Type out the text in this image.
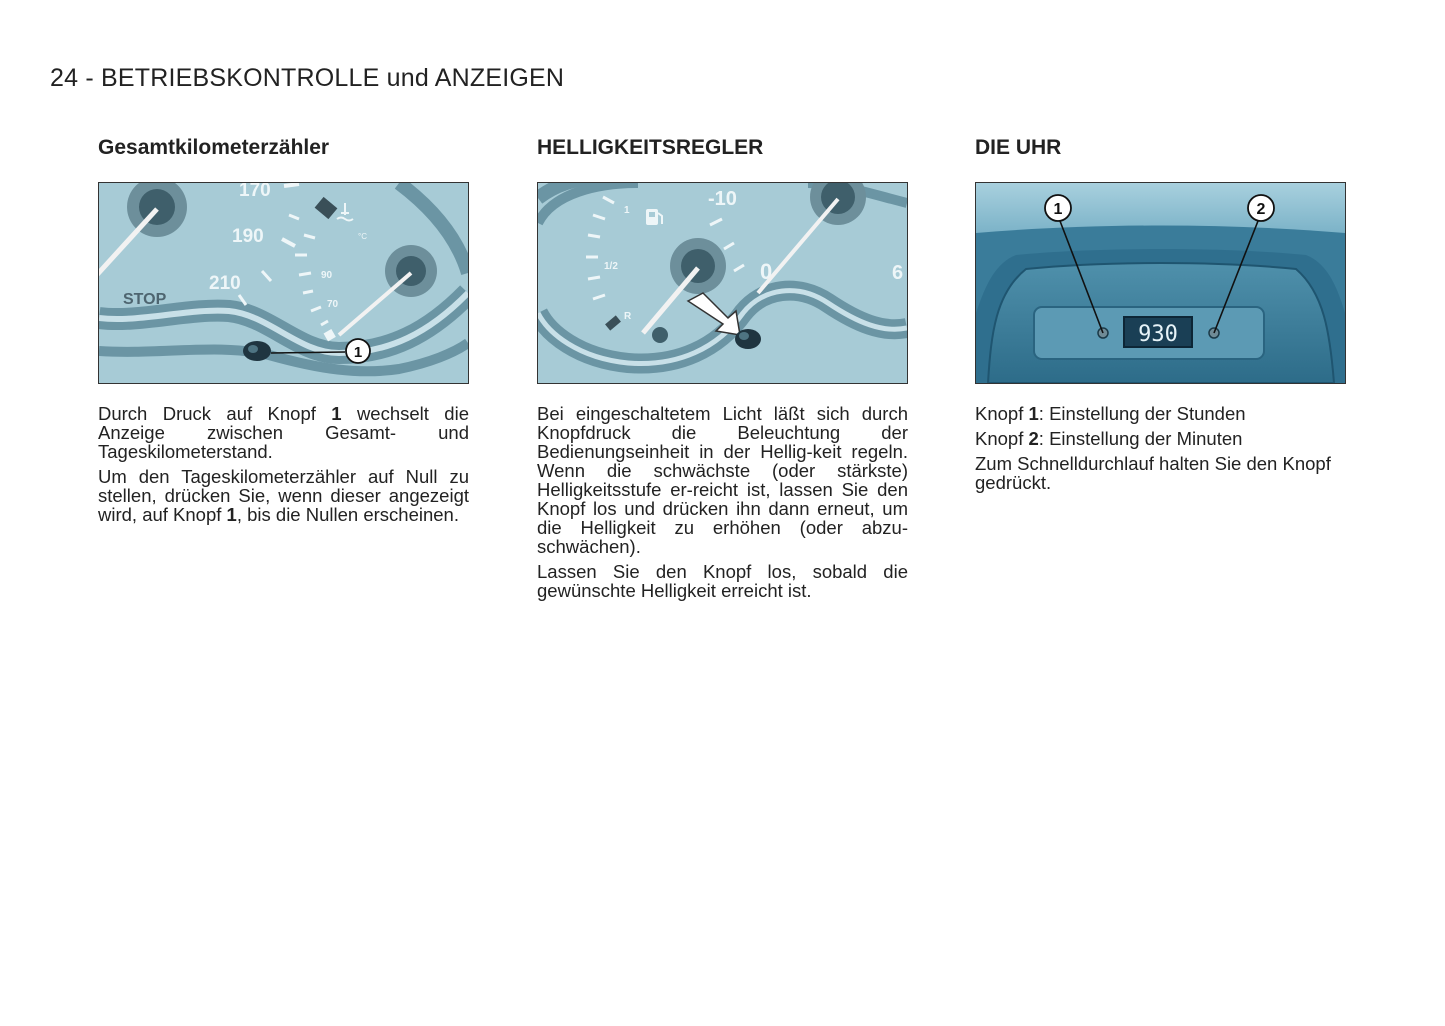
24 - BETRIEBSKONTROLLE und ANZEIGEN
Gesamtkilometerzähler
170
190
210
STOP
90
70
°C
1

Durch Druck auf Knopf 1 wechselt die Anzeige zwischen Gesamt- und Tageskilometerstand.

Um den Tageskilometerzähler auf Null zu stellen, drücken Sie, wenn dieser angezeigt wird, auf Knopf 1, bis die Nullen erscheinen.

HELLIGKEITSREGLER
1
1/2
R
-10
0	6

Bei eingeschaltetem Licht läßt sich durch Knopfdruck die Beleuchtung der Bedienungseinheit in der Hellig-keit regeln. Wenn die schwächste (oder stärkste) Helligkeitsstufe er-reicht ist, lassen Sie den Knopf los und drücken ihn dann erneut, um die Helligkeit zu erhöhen (oder abzu-schwächen).

Lassen Sie den Knopf los, sobald die gewünschte Helligkeit erreicht ist.

DIE UHR
930
1	2

Knopf 1: Einstellung der Stunden

Knopf 2: Einstellung der Minuten

Zum Schnelldurchlauf halten Sie den Knopf gedrückt.
